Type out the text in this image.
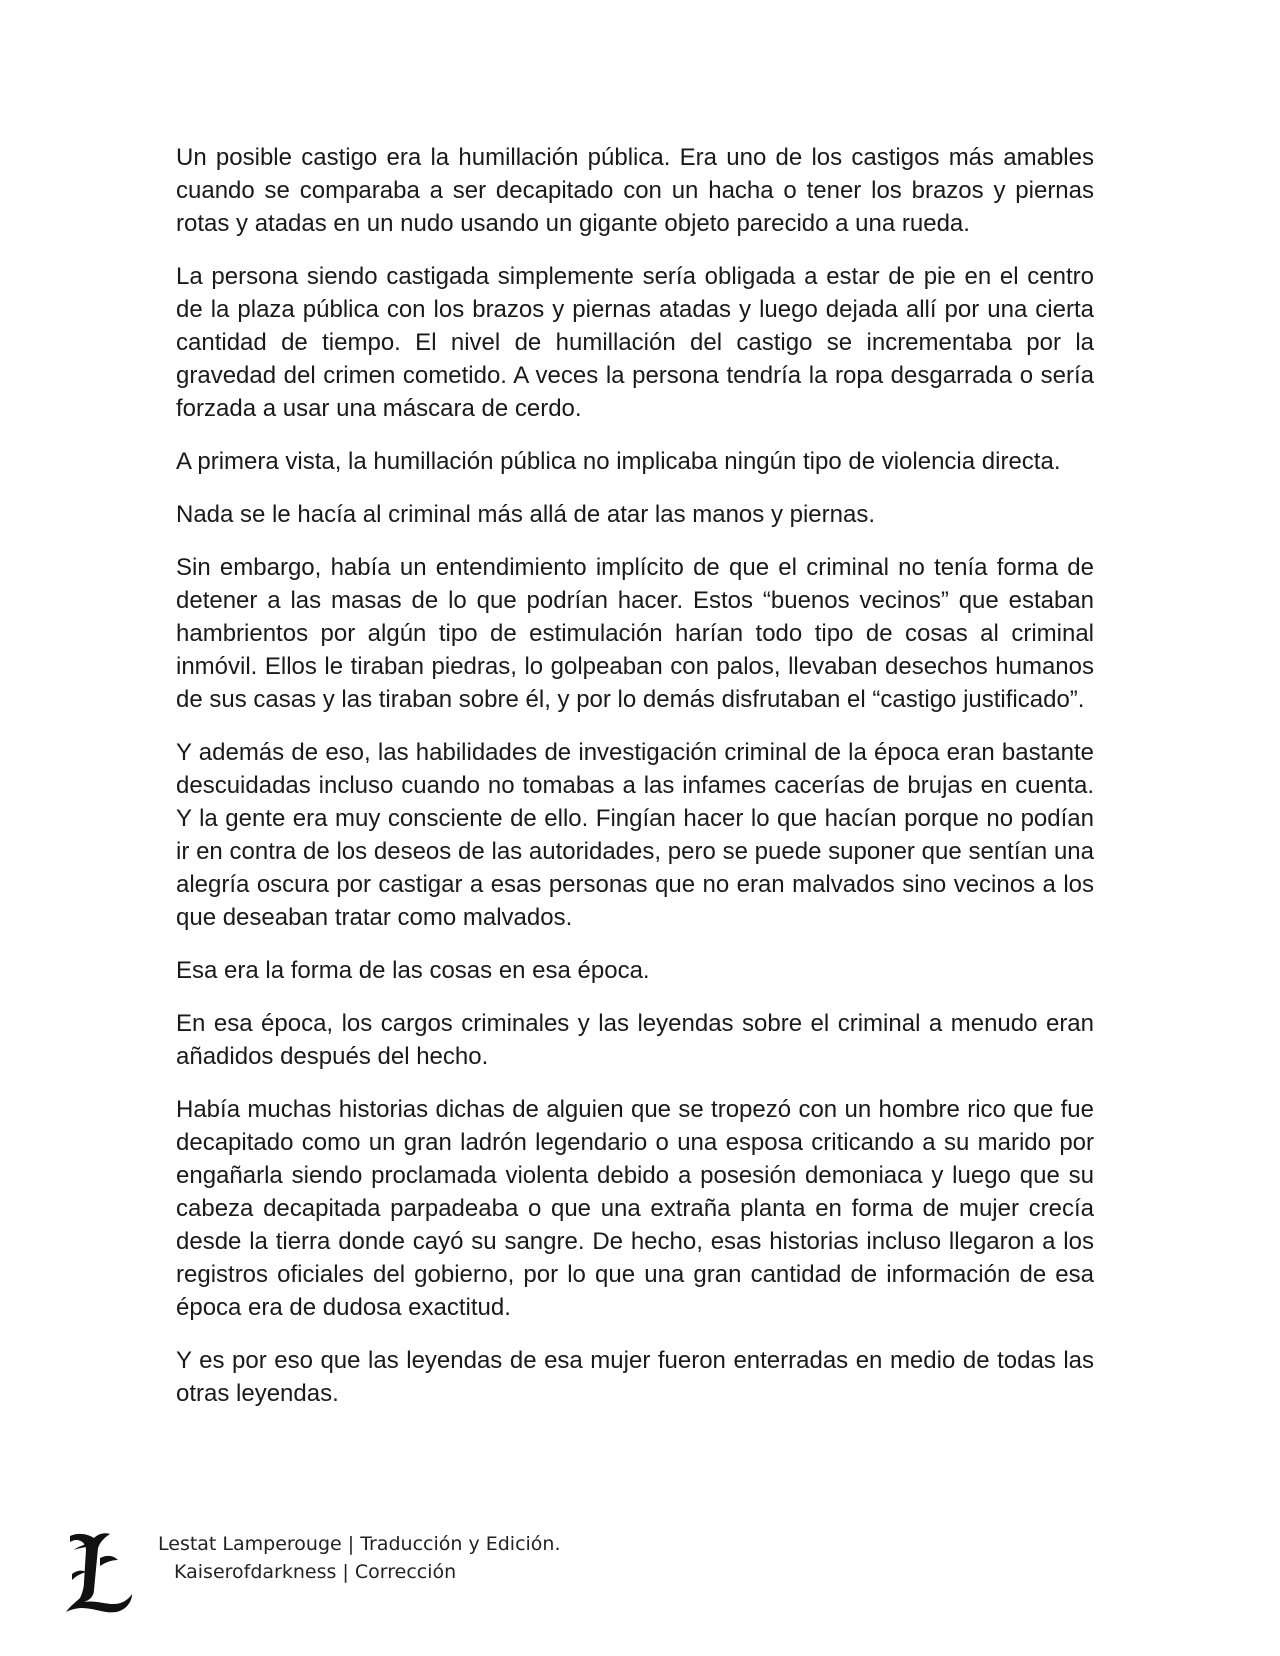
Un posible castigo era la humillación pública. Era uno de los castigos más amables cuando se comparaba a ser decapitado con un hacha o tener los brazos y piernas rotas y atadas en un nudo usando un gigante objeto parecido a una rueda.

La persona siendo castigada simplemente sería obligada a estar de pie en el centro de la plaza pública con los brazos y piernas atadas y luego dejada allí por una cierta cantidad de tiempo. El nivel de humillación del castigo se incrementaba por la gravedad del crimen cometido. A veces la persona tendría la ropa desgarrada o sería forzada a usar una máscara de cerdo.

A primera vista, la humillación pública no implicaba ningún tipo de violencia directa.

Nada se le hacía al criminal más allá de atar las manos y piernas.

Sin embargo, había un entendimiento implícito de que el criminal no tenía forma de detener a las masas de lo que podrían hacer. Estos “buenos vecinos” que estaban hambrientos por algún tipo de estimulación harían todo tipo de cosas al criminal inmóvil. Ellos le tiraban piedras, lo golpeaban con palos, llevaban desechos humanos de sus casas y las tiraban sobre él, y por lo demás disfrutaban el “castigo justificado”.

Y además de eso, las habilidades de investigación criminal de la época eran bastante descuidadas incluso cuando no tomabas a las infames cacerías de brujas en cuenta. Y la gente era muy consciente de ello. Fingían hacer lo que hacían porque no podían ir en contra de los deseos de las autoridades, pero se puede suponer que sentían una alegría oscura por castigar a esas personas que no eran malvados sino vecinos a los que deseaban tratar como malvados.

Esa era la forma de las cosas en esa época.

En esa época, los cargos criminales y las leyendas sobre el criminal a menudo eran añadidos después del hecho.

Había muchas historias dichas de alguien que se tropezó con un hombre rico que fue decapitado como un gran ladrón legendario o una esposa criticando a su marido por engañarla siendo proclamada violenta debido a posesión demoniaca y luego que su cabeza decapitada parpadeaba o que una extraña planta en forma de mujer crecía desde la tierra donde cayó su sangre. De hecho, esas historias incluso llegaron a los registros oficiales del gobierno, por lo que una gran cantidad de información de esa época era de dudosa exactitud.

Y es por eso que las leyendas de esa mujer fueron enterradas en medio de todas las otras leyendas.

Lestat Lamperouge | Traducción y Edición.
Kaiserofdarkness | Corrección
